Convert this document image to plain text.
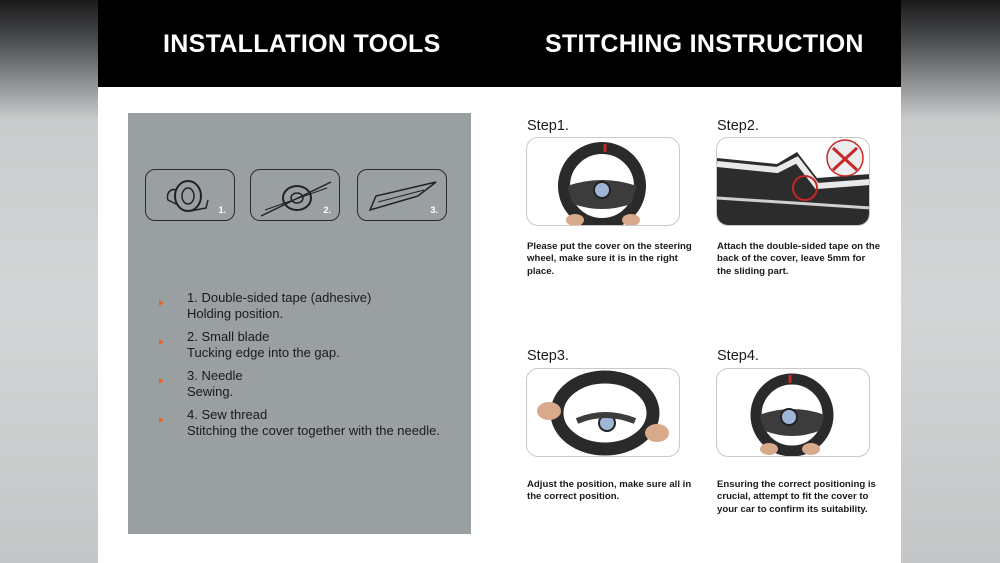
INSTALLATION TOOLS	STITCHING INSTRUCTION
1.	2.	3.
1. Double-sided tape (adhesive)
Holding position.
2. Small blade
Tucking edge into the gap.
3. Needle
Sewing.
4. Sew thread
Stitching the cover together with the needle.
Step1.
Please put the cover on the steering wheel, make sure it is in the right place.
Step2.
Attach the double-sided tape on the back of the cover, leave 5mm for the sliding part.
Step3.
Adjust the position, make sure all in the correct position.
Step4.
Ensuring the correct positioning is crucial, attempt to fit the cover to your car to confirm its suitability.
